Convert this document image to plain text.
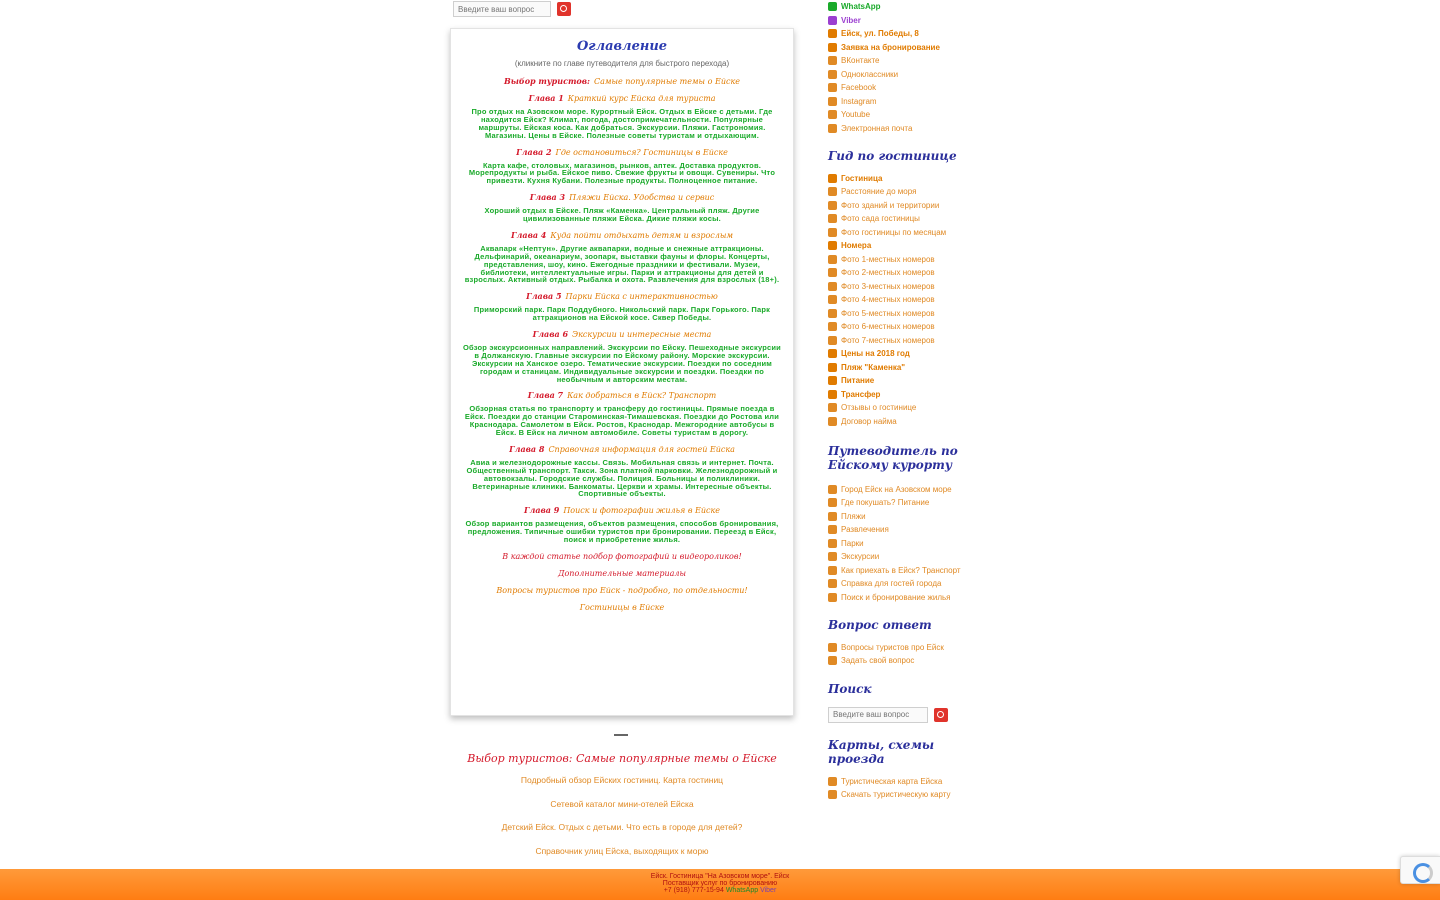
Введите ваш вопрос
Оглавление
(кликните по главе путеводителя для быстрого перехода)
Выбор туристов: Самые популярные темы о Ейске
Глава 1 Краткий курс Ейска для туриста
Про отдых на Азовском море. Курортный Ейск. Отдых в Ейске с детьми. Где находится Ейск? Климат, погода, достопримечательности. Популярные маршруты. Ейская коса. Как добраться. Экскурсии. Пляжи. Гастрономия. Магазины. Цены в Ейске. Полезные советы туристам и отдыхающим.
Глава 2 Где остановиться? Гостиницы в Ейске
Карта кафе, столовых, магазинов, рынков, аптек. Доставка продуктов. Морепродукты и рыба. Ейское пиво. Свежие фрукты и овощи. Сувениры. Что привезти. Кухня Кубани. Полезные продукты. Полноценное питание.
Глава 3 Пляжи Ейска. Удобства и сервис
Хороший отдых в Ейске. Пляж «Каменка». Центральный пляж. Другие цивилизованные пляжи Ейска. Дикие пляжи косы.
Глава 4 Куда пойти отдыхать детям и взрослым
Аквапарк «Нептун». Другие аквапарки, водные и снежные аттракционы. Дельфинарий, океанариум, зоопарк, выставки фауны и флоры. Концерты, представления, шоу, кино. Ежегодные праздники и фестивали. Музеи, библиотеки, интеллектуальные игры. Парки и аттракционы для детей и взрослых. Активный отдых. Рыбалка и охота. Развлечения для взрослых (18+).
Глава 5 Парки Ейска с интерактивностью
Приморский парк. Парк Поддубного. Никольский парк. Парк Горького. Парк аттракционов на Ейской косе. Сквер Победы.
Глава 6 Экскурсии и интересные места
Обзор экскурсионных направлений. Экскурсии по Ейску. Пешеходные экскурсии в Должанскую. Главные экскурсии по Ейскому району. Морские экскурсии. Экскурсии на Ханское озеро. Тематические экскурсии. Поездки по соседним городам и станицам. Индивидуальные экскурсии и поездки. Поездки по необычным и авторским местам.
Глава 7 Как добраться в Ейск? Транспорт
Обзорная статья по транспорту и трансферу до гостиницы. Прямые поезда в Ейск. Поездки до станции Староминская-Тимашевская. Поездки до Ростова или Краснодара. Самолетом в Ейск. Ростов, Краснодар. Межгородние автобусы в Ейск. В Ейск на личном автомобиле. Советы туристам в дорогу.
Глава 8 Справочная информация для гостей Ейска
Авиа и железнодорожные кассы. Связь. Мобильная связь и интернет. Почта. Общественный транспорт. Такси. Зона платной парковки. Железнодорожный и автовокзалы. Городские службы. Полиция. Больницы и поликлиники. Ветеринарные клиники. Банкоматы. Церкви и храмы. Интересные объекты. Спортивные объекты.
Глава 9 Поиск и фотографии жилья в Ейске
Обзор вариантов размещения, объектов размещения, способов бронирования, предложения. Типичные ошибки туристов при бронировании. Переезд в Ейск, поиск и приобретение жилья.
В каждой статье подбор фотографий и видеороликов!
Дополнительные материалы
Вопросы туристов про Ейск - подробно, по отдельности!
Гостиницы в Ейске
Выбор туристов: Самые популярные темы о Ейске
Подробный обзор Ейских гостиниц. Карта гостиниц
Сетевой каталог мини-отелей Ейска
Детский Ейск. Отдых с детьми. Что есть в городе для детей?
Справочник улиц Ейска, выходящих к морю
WhatsApp
Viber
Ейск, ул. Победы, 8
Заявка на бронирование
ВКонтакте
Одноклассники
Facebook
Instagram
Youtube
Электронная почта
Гид по гостинице
Гостиница
Расстояние до моря
Фото зданий и территории
Фото сада гостиницы
Фото гостиницы по месяцам
Номера
Фото 1-местных номеров
Фото 2-местных номеров
Фото 3-местных номеров
Фото 4-местных номеров
Фото 5-местных номеров
Фото 6-местных номеров
Фото 7-местных номеров
Цены на 2018 год
Пляж "Каменка"
Питание
Трансфер
Отзывы о гостинице
Договор найма
Путеводитель по Ейскому курорту
Город Ейск на Азовском море
Где покушать? Питание
Пляжи
Развлечения
Парки
Экскурсии
Как приехать в Ейск? Транспорт
Справка для гостей города
Поиск и бронирование жилья
Вопрос ответ
Вопросы туристов про Ейск
Задать свой вопрос
Поиск
Введите ваш вопрос
Карты, схемы проезда
Туристическая карта Ейска
Скачать туристическую карту
Ейск. Гостиница "На Азовском море". Ейск
Поставщик услуг по бронированию
+7 (918) 777-15-94 WhatsApp Viber
